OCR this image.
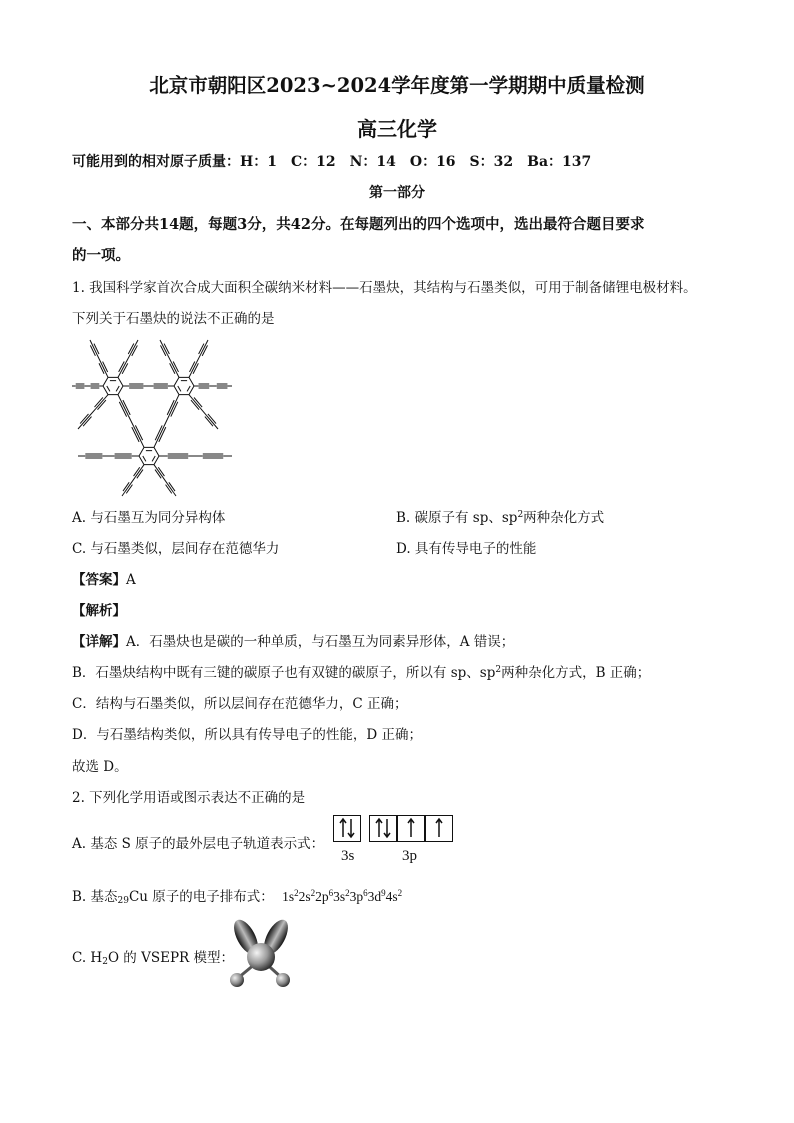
北京市朝阳区2023~2024学年度第一学期期中质量检测
高三化学
可能用到的相对原子质量：H：1　C：12　N：14　O：16　S：32　Ba：137
第一部分
一、本部分共14题，每题3分，共42分。在每题列出的四个选项中，选出最符合题目要求
的一项。
1. 我国科学家首次合成大面积全碳纳米材料——石墨炔，其结构与石墨类似，可用于制备储锂电极材料。
下列关于石墨炔的说法不正确的是
A. 与石墨互为同分异构体	B. 碳原子有 sp、$sp^2$两种杂化方式
C. 与石墨类似，层间存在范德华力	D. 具有传导电子的性能
【答案】A
【解析】
【详解】A．石墨炔也是碳的一种单质，与石墨互为同素异形体，A 错误；
B．石墨炔结构中既有三键的碳原子也有双键的碳原子，所以有 sp、$sp^2$两种杂化方式，B 正确；
C．结构与石墨类似，所以层间存在范德华力，C 正确；
D．与石墨结构类似，所以具有传导电子的性能，D 正确；
故选 D。
2. 下列化学用语或图示表达不正确的是
A. 基态 S 原子的最外层电子轨道表示式：
3s	3p
B. 基态$_{29}$Cu 原子的电子排布式： $1s^22s^22p^63s^23p^63d^94s^2$
C. $H_2O$ 的 VSEPR 模型：
